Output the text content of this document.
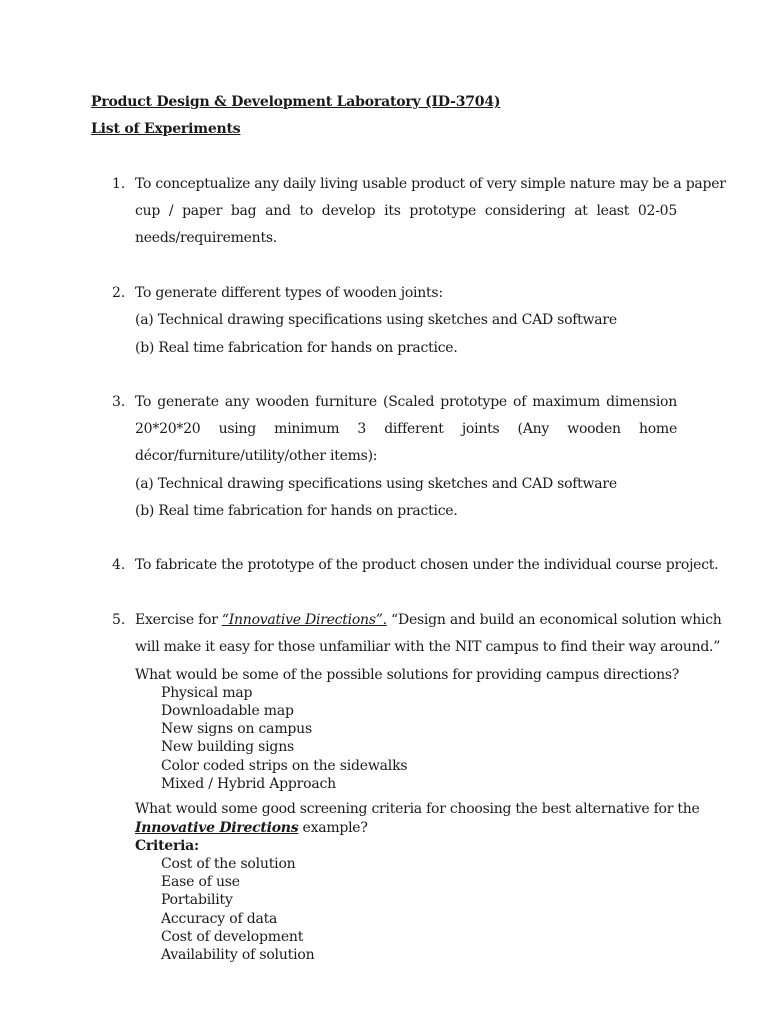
Product Design & Development Laboratory (ID-3704)
List of Experiments
1. To conceptualize any daily living usable product of very simple nature may be a paper
cup / paper bag and to develop its prototype considering at least 02-05
needs/requirements.
2. To generate different types of wooden joints:
(a) Technical drawing specifications using sketches and CAD software
(b) Real time fabrication for hands on practice.
3. To generate any wooden furniture (Scaled prototype of maximum dimension
20*20*20 using minimum 3 different joints (Any wooden home
décor/furniture/utility/other items):
(a) Technical drawing specifications using sketches and CAD software
(b) Real time fabrication for hands on practice.
4. To fabricate the prototype of the product chosen under the individual course project.
5. Exercise for “Innovative Directions”. “Design and build an economical solution which
will make it easy for those unfamiliar with the NIT campus to find their way around.”
What would be some of the possible solutions for providing campus directions?
Physical map
Downloadable map
New signs on campus
New building signs
Color coded strips on the sidewalks
Mixed / Hybrid Approach
What would some good screening criteria for choosing the best alternative for the
Innovative Directions example?
Criteria:
Cost of the solution
Ease of use
Portability
Accuracy of data
Cost of development
Availability of solution
